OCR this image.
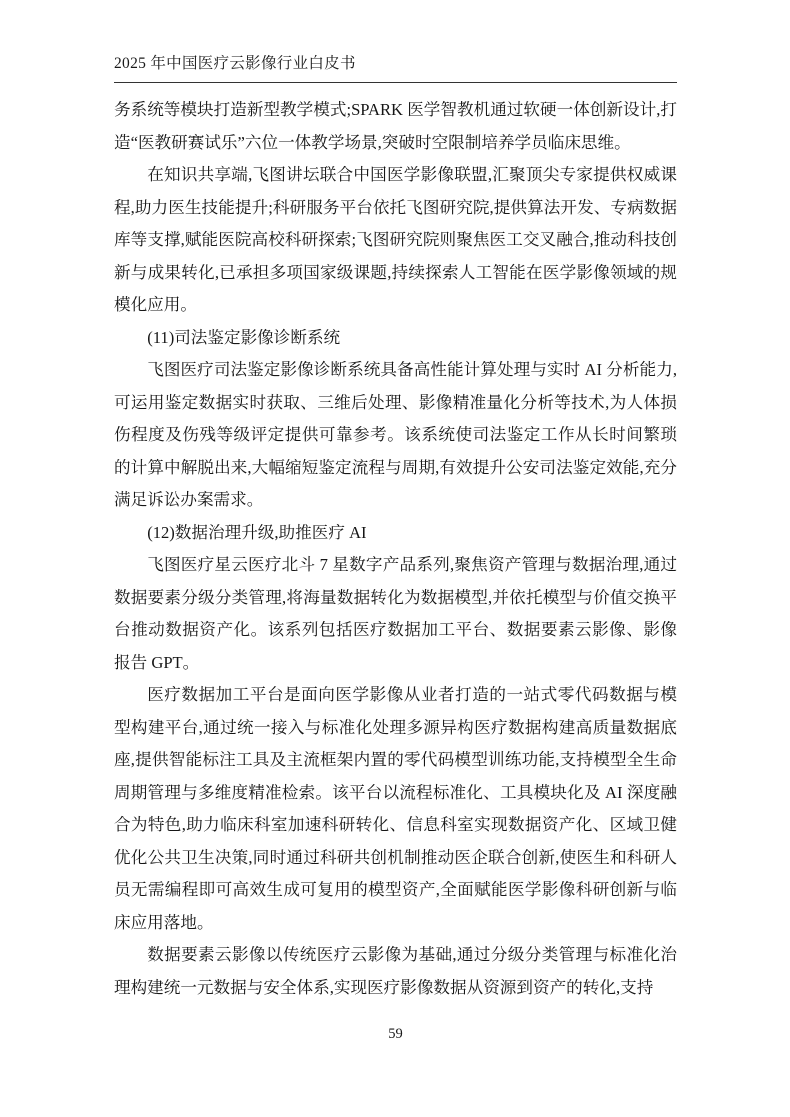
2025 年中国医疗云影像行业白皮书

务系统等模块打造新型教学模式;SPARK 医学智教机通过软硬一体创新设计,打造“医教研赛试乐”六位一体教学场景,突破时空限制培养学员临床思维。

在知识共享端,飞图讲坛联合中国医学影像联盟,汇聚顶尖专家提供权威课程,助力医生技能提升;科研服务平台依托飞图研究院,提供算法开发、专病数据库等支撑,赋能医院高校科研探索;飞图研究院则聚焦医工交叉融合,推动科技创新与成果转化,已承担多项国家级课题,持续探索人工智能在医学影像领域的规模化应用。

(11)司法鉴定影像诊断系统

飞图医疗司法鉴定影像诊断系统具备高性能计算处理与实时 AI 分析能力,可运用鉴定数据实时获取、三维后处理、影像精准量化分析等技术,为人体损伤程度及伤残等级评定提供可靠参考。该系统使司法鉴定工作从长时间繁琐的计算中解脱出来,大幅缩短鉴定流程与周期,有效提升公安司法鉴定效能,充分满足诉讼办案需求。

(12)数据治理升级,助推医疗 AI

飞图医疗星云医疗北斗 7 星数字产品系列,聚焦资产管理与数据治理,通过数据要素分级分类管理,将海量数据转化为数据模型,并依托模型与价值交换平台推动数据资产化。该系列包括医疗数据加工平台、数据要素云影像、影像报告 GPT。

医疗数据加工平台是面向医学影像从业者打造的一站式零代码数据与模型构建平台,通过统一接入与标准化处理多源异构医疗数据构建高质量数据底座,提供智能标注工具及主流框架内置的零代码模型训练功能,支持模型全生命周期管理与多维度精准检索。该平台以流程标准化、工具模块化及 AI 深度融合为特色,助力临床科室加速科研转化、信息科室实现数据资产化、区域卫健优化公共卫生决策,同时通过科研共创机制推动医企联合创新,使医生和科研人员无需编程即可高效生成可复用的模型资产,全面赋能医学影像科研创新与临床应用落地。

数据要素云影像以传统医疗云影像为基础,通过分级分类管理与标准化治理构建统一元数据与安全体系,实现医疗影像数据从资源到资产的转化,支持

59
